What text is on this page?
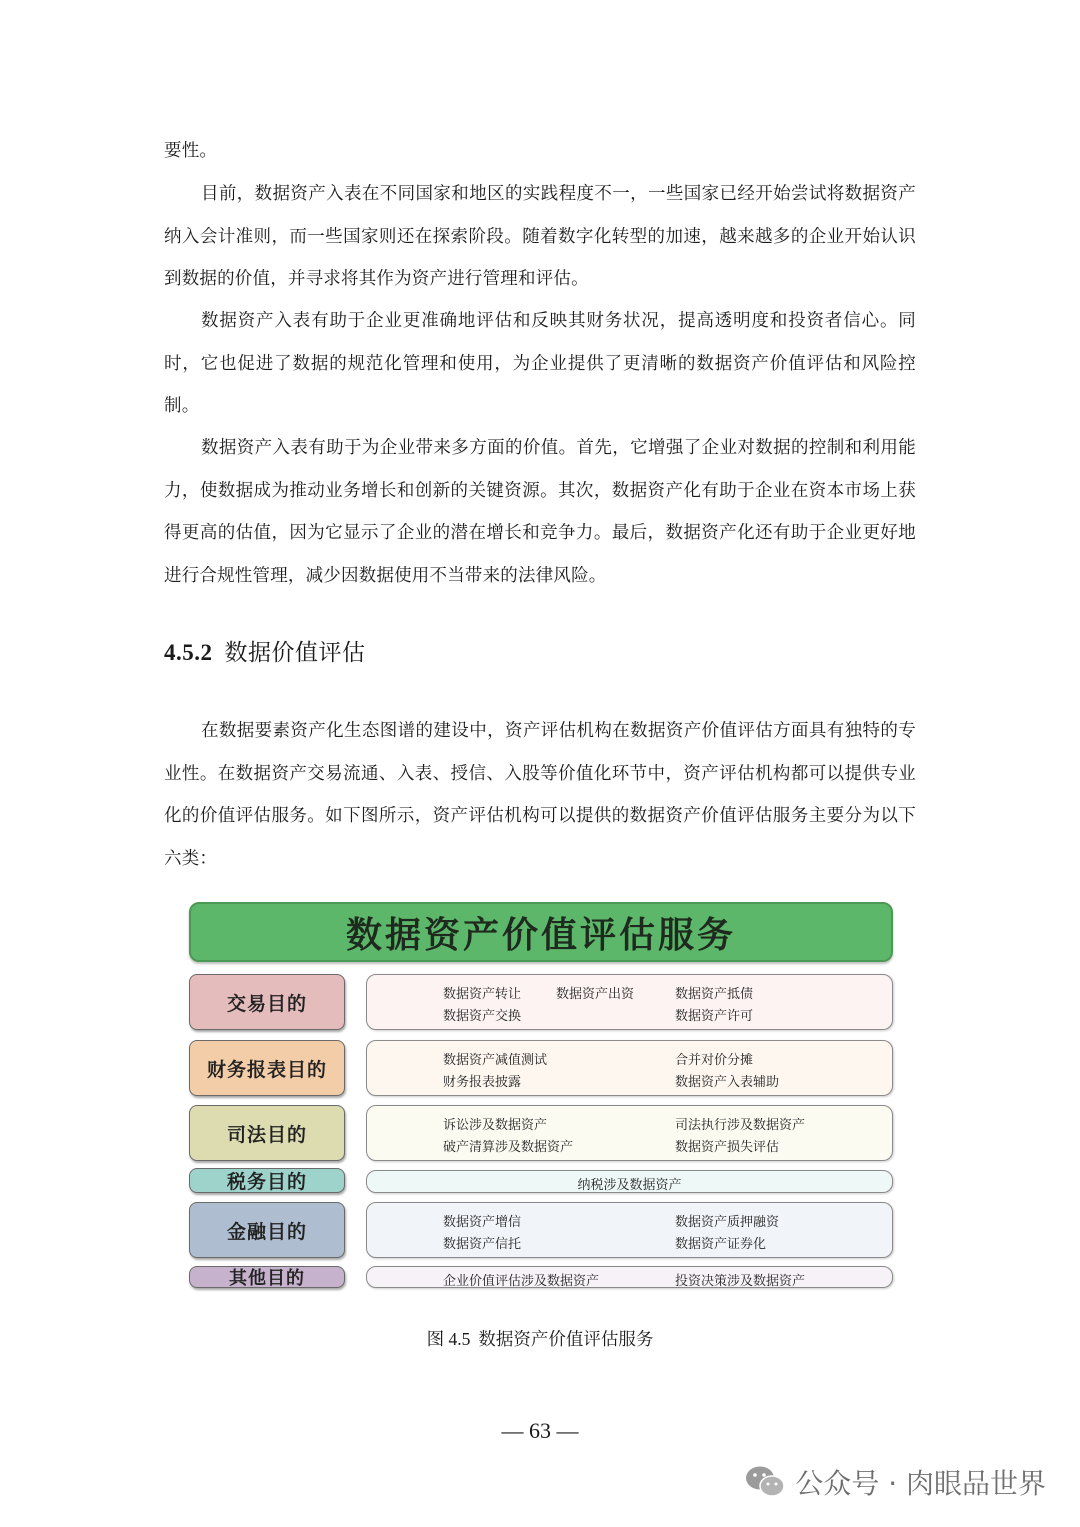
要性。

目前，数据资产入表在不同国家和地区的实践程度不一，一些国家已经开始尝试将数据资产纳入会计准则，而一些国家则还在探索阶段。随着数字化转型的加速，越来越多的企业开始认识到数据的价值，并寻求将其作为资产进行管理和评估。

数据资产入表有助于企业更准确地评估和反映其财务状况，提高透明度和投资者信心。同时，它也促进了数据的规范化管理和使用，为企业提供了更清晰的数据资产价值评估和风险控制。

数据资产入表有助于为企业带来多方面的价值。首先，它增强了企业对数据的控制和利用能力，使数据成为推动业务增长和创新的关键资源。其次，数据资产化有助于企业在资本市场上获得更高的估值，因为它显示了企业的潜在增长和竞争力。最后，数据资产化还有助于企业更好地进行合规性管理，减少因数据使用不当带来的法律风险。

4.5.2 数据价值评估

在数据要素资产化生态图谱的建设中，资产评估机构在数据资产价值评估方面具有独特的专业性。在数据资产交易流通、入表、授信、入股等价值化环节中，资产评估机构都可以提供专业化的价值评估服务。如下图所示，资产评估机构可以提供的数据资产价值评估服务主要分为以下六类：

数据资产价值评估服务
交易目的	数据资产转让	数据资产出资	数据资产抵债
数据资产交换	数据资产许可
财务报表目的	数据资产减值测试	合并对价分摊
财务报表披露	数据资产入表辅助
司法目的	诉讼涉及数据资产	司法执行涉及数据资产
破产清算涉及数据资产	数据资产损失评估
税务目的	纳税涉及数据资产
金融目的	数据资产增信	数据资产质押融资
数据资产信托	数据资产证券化
其他目的	企业价值评估涉及数据资产	投资决策涉及数据资产

图 4.5 数据资产价值评估服务

— 63 —

公众号 · 肉眼品世界
